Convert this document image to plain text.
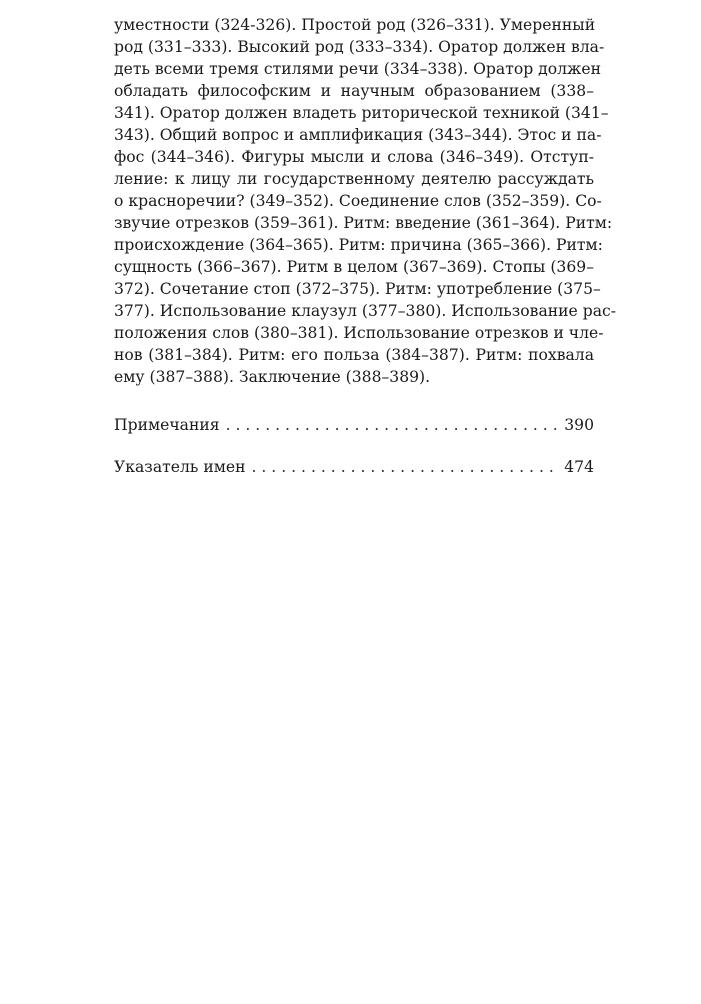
уместности (324-326). Простой род (326–331). Умеренный
род (331–333). Высокий род (333–334). Оратор должен вла-
деть всеми тремя стилями речи (334–338). Оратор должен
обладать философским и научным образованием (338–
341). Оратор должен владеть риторической техникой (341–
343). Общий вопрос и амплификация (343–344). Этос и па-
фос (344–346). Фигуры мысли и слова (346–349). Отступ-
ление: к лицу ли государственному деятелю рассуждать
о красноречии? (349–352). Соединение слов (352–359). Со-
звучие отрезков (359–361). Ритм: введение (361–364). Ритм:
происхождение (364–365). Ритм: причина (365–366). Ритм:
сущность (366–367). Ритм в целом (367–369). Стопы (369–
372). Сочетание стоп (372–375). Ритм: употребление (375–
377). Использование клаузул (377–380). Использование рас-
положения слов (380–381). Использование отрезков и чле-
нов (381–384). Ритм: его польза (384–387). Ритм: похвала
ему (387–388). Заключение (388–389).

Примечания . . .	390
Указатель имен . . .	474
